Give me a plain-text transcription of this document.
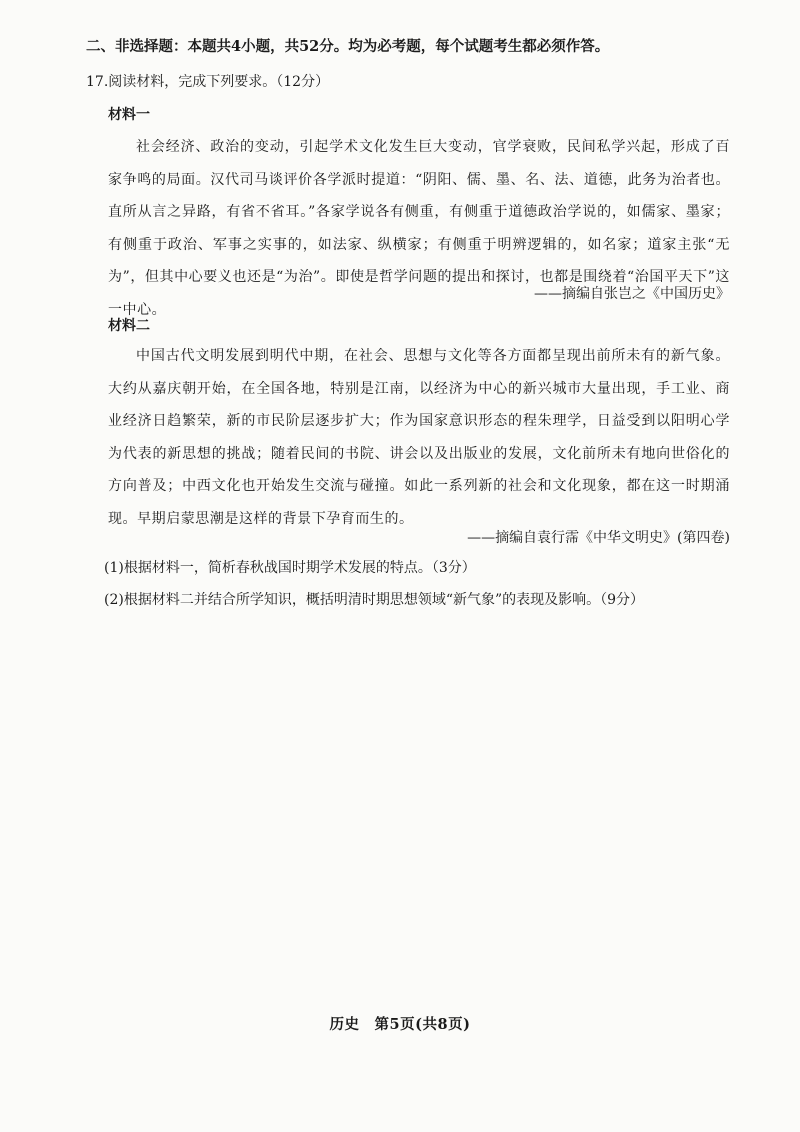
二、非选择题：本题共4小题，共52分。均为必考题，每个试题考生都必须作答。
17.阅读材料，完成下列要求。（12分）
材料一
社会经济、政治的变动，引起学术文化发生巨大变动，官学衰败，民间私学兴起，形成了百家争鸣的局面。汉代司马谈评价各学派时提道：“阴阳、儒、墨、名、法、道德，此务为治者也。直所从言之异路，有省不省耳。”各家学说各有侧重，有侧重于道德政治学说的，如儒家、墨家；有侧重于政治、军事之实事的，如法家、纵横家；有侧重于明辨逻辑的，如名家；道家主张“无为”，但其中心要义也还是“为治”。即使是哲学问题的提出和探讨，也都是围绕着“治国平天下”这一中心。
——摘编自张岂之《中国历史》
材料二
中国古代文明发展到明代中期，在社会、思想与文化等各方面都呈现出前所未有的新气象。大约从嘉庆朝开始，在全国各地，特别是江南，以经济为中心的新兴城市大量出现，手工业、商业经济日趋繁荣，新的市民阶层逐步扩大；作为国家意识形态的程朱理学，日益受到以阳明心学为代表的新思想的挑战；随着民间的书院、讲会以及出版业的发展，文化前所未有地向世俗化的方向普及；中西文化也开始发生交流与碰撞。如此一系列新的社会和文化现象，都在这一时期涌现。早期启蒙思潮是这样的背景下孕育而生的。
——摘编自袁行霈《中华文明史》(第四卷)
(1)根据材料一，简析春秋战国时期学术发展的特点。（3分）
(2)根据材料二并结合所学知识，概括明清时期思想领域“新气象”的表现及影响。（9分）
历史　第5页(共8页)
